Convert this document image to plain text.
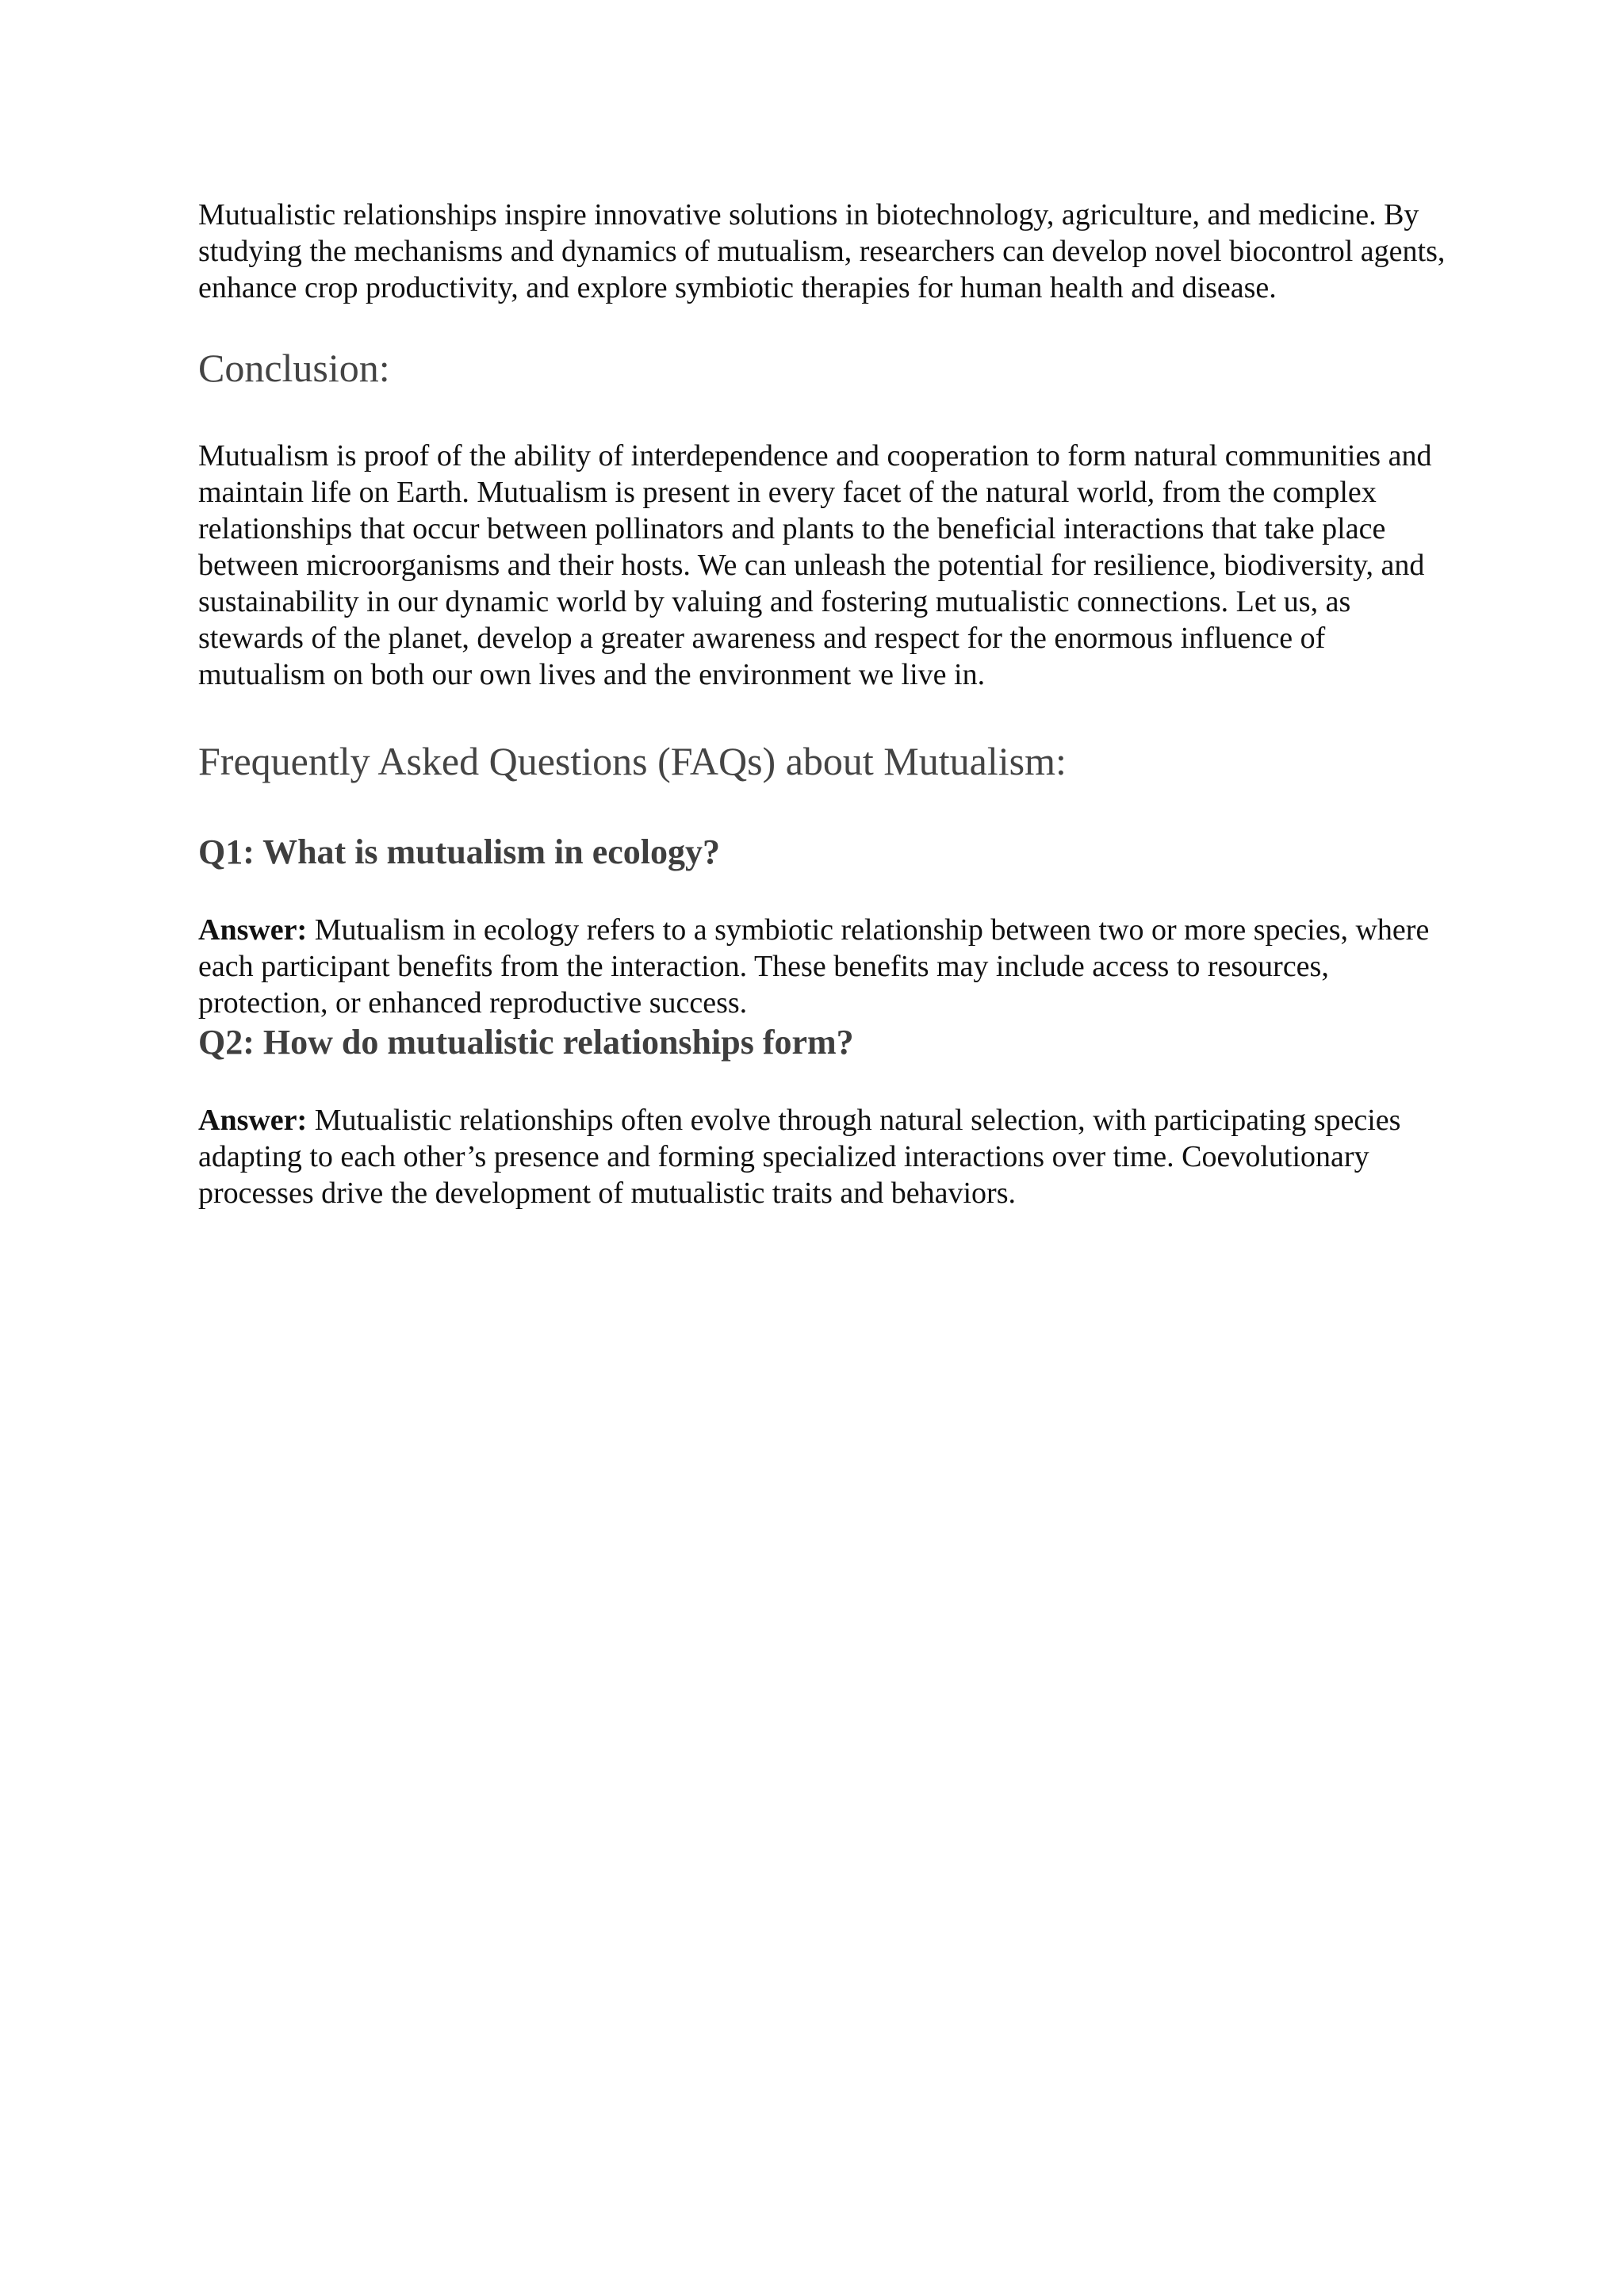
Mutualistic relationships inspire innovative solutions in biotechnology, agriculture, and medicine. By studying the mechanisms and dynamics of mutualism, researchers can develop novel biocontrol agents, enhance crop productivity, and explore symbiotic therapies for human health and disease.

Conclusion:

Mutualism is proof of the ability of interdependence and cooperation to form natural communities and maintain life on Earth. Mutualism is present in every facet of the natural world, from the complex relationships that occur between pollinators and plants to the beneficial interactions that take place between microorganisms and their hosts. We can unleash the potential for resilience, biodiversity, and sustainability in our dynamic world by valuing and fostering mutualistic connections. Let us, as stewards of the planet, develop a greater awareness and respect for the enormous influence of mutualism on both our own lives and the environment we live in.

Frequently Asked Questions (FAQs) about Mutualism:
Q1: What is mutualism in ecology?

Answer: Mutualism in ecology refers to a symbiotic relationship between two or more species, where each participant benefits from the interaction. These benefits may include access to resources, protection, or enhanced reproductive success.

Q2: How do mutualistic relationships form?

Answer: Mutualistic relationships often evolve through natural selection, with participating species adapting to each other’s presence and forming specialized interactions over time. Coevolutionary processes drive the development of mutualistic traits and behaviors.
